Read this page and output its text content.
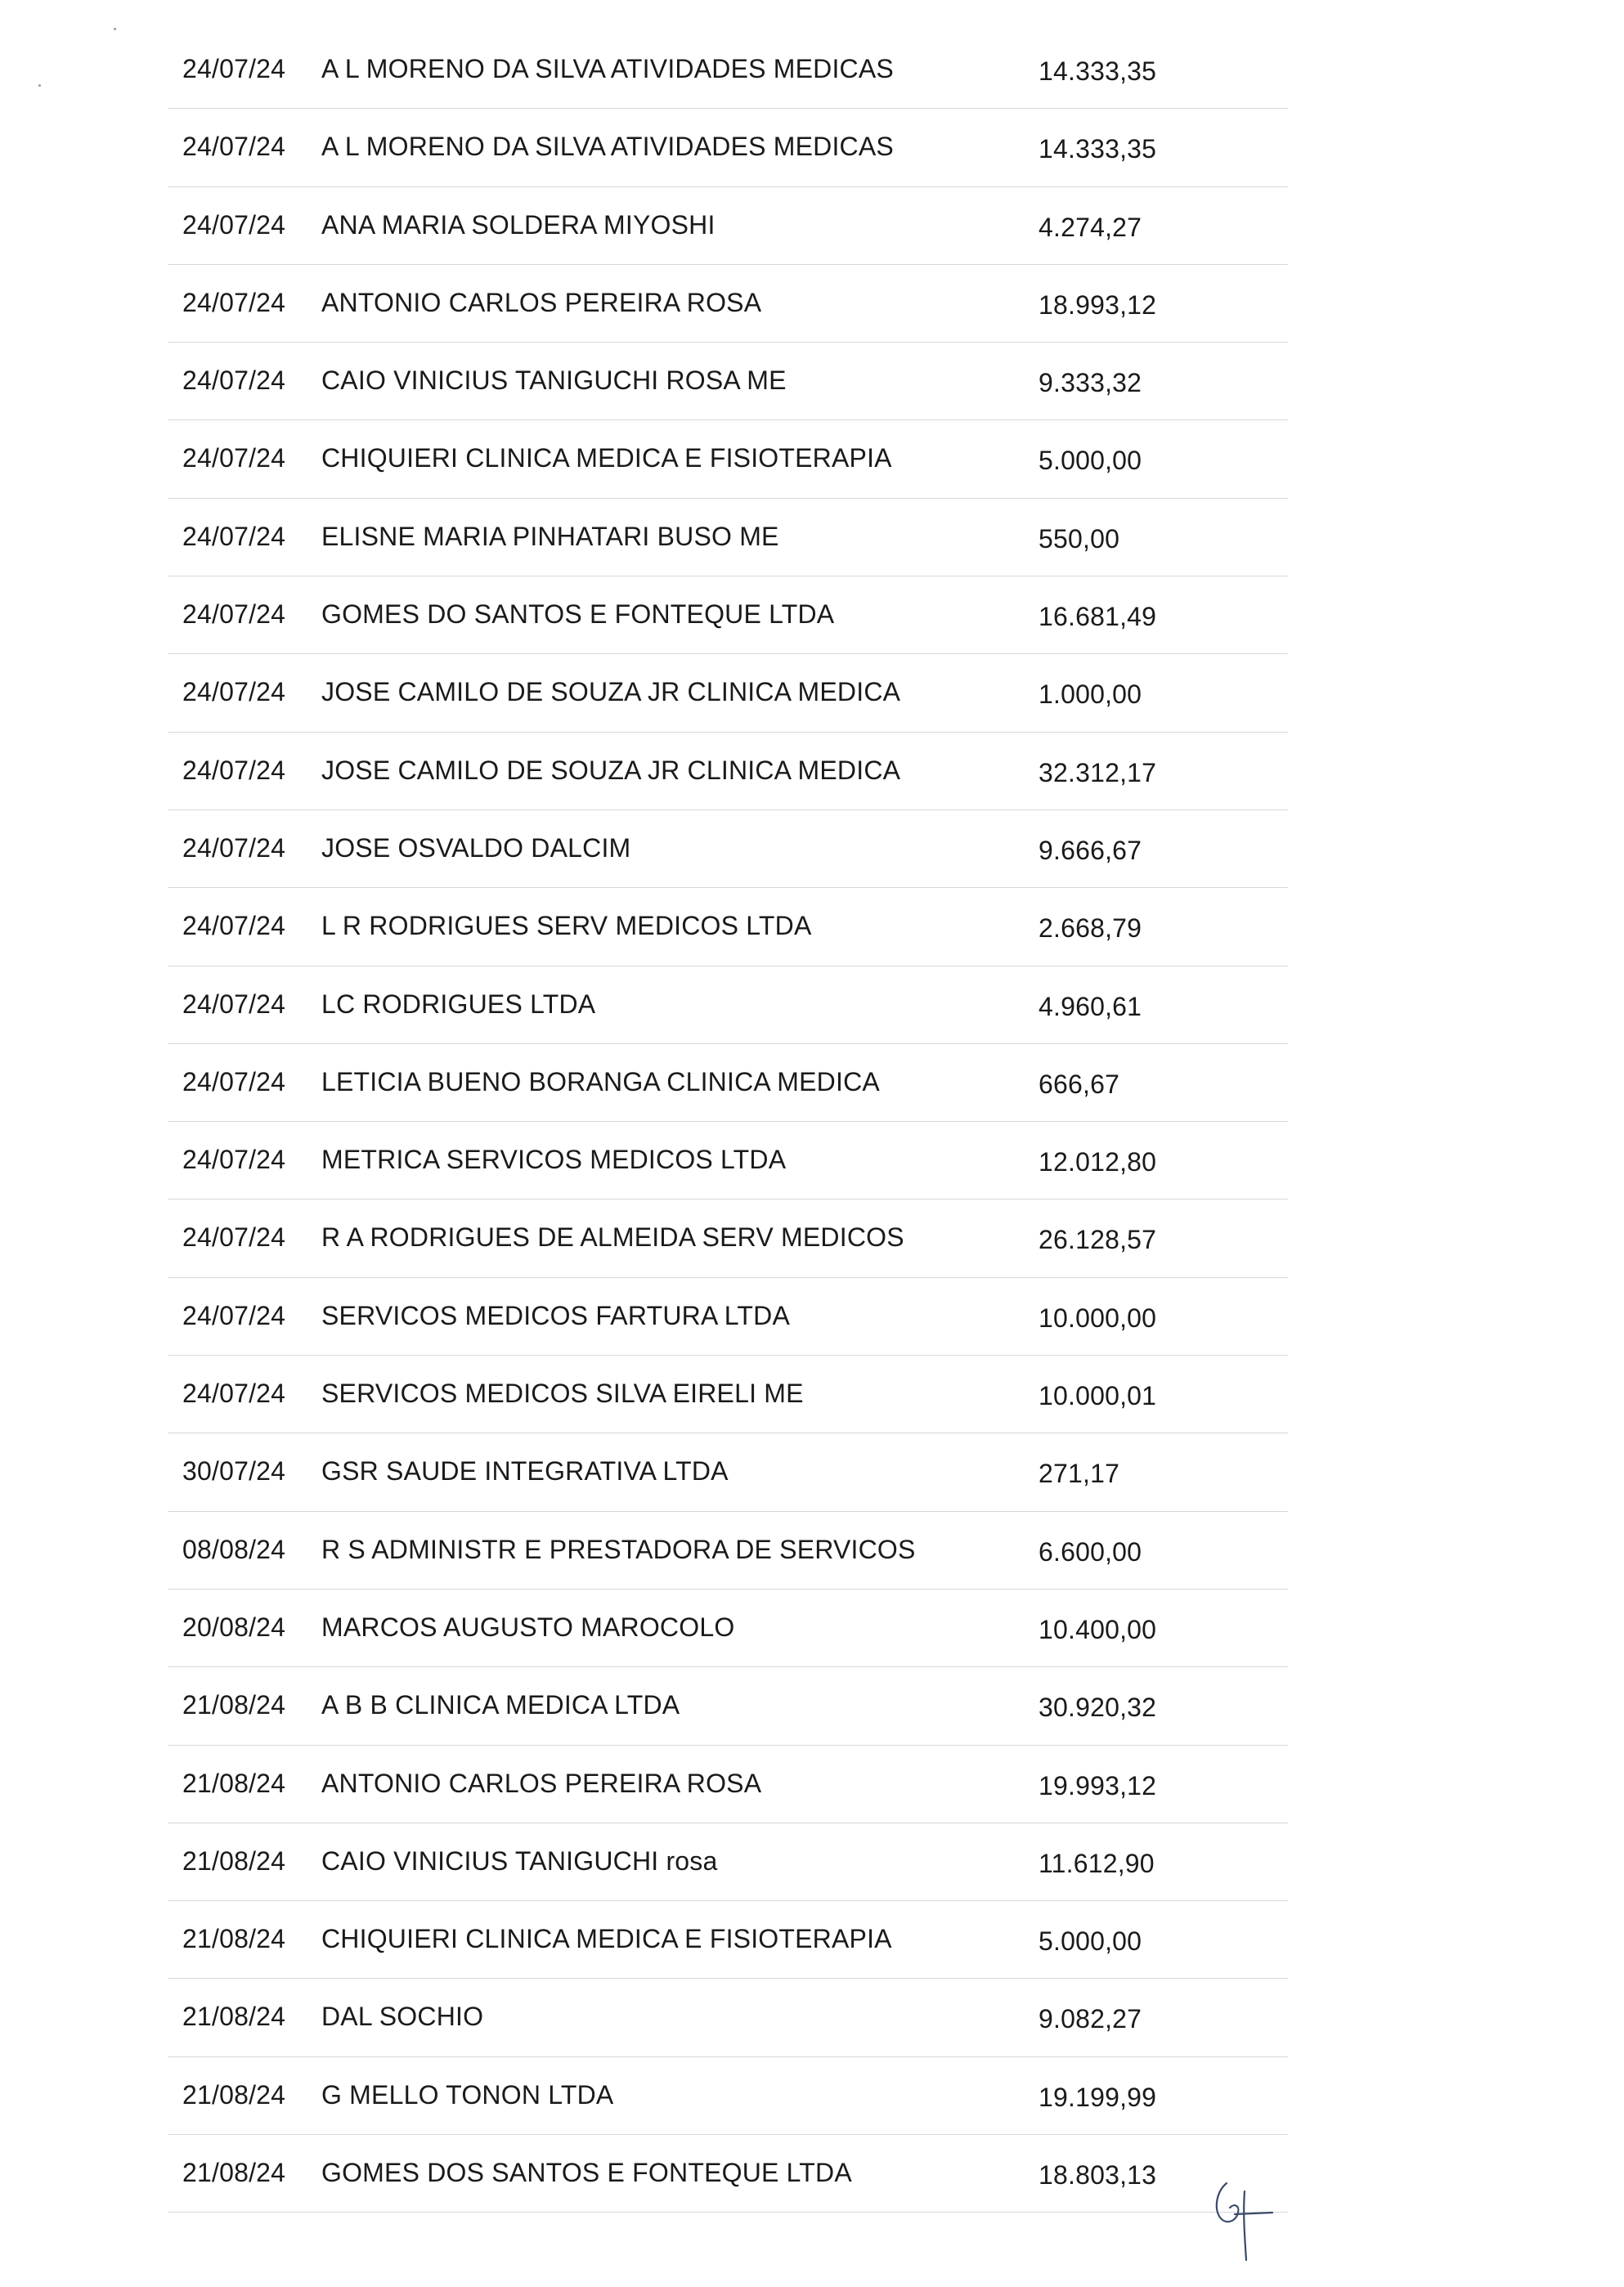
24/07/24 A L MORENO DA SILVA ATIVIDADES MEDICAS	14.333,35
24/07/24 A L MORENO DA SILVA ATIVIDADES MEDICAS	14.333,35
24/07/24 ANA MARIA SOLDERA MIYOSHI	4.274,27
24/07/24 ANTONIO CARLOS PEREIRA ROSA	18.993,12
24/07/24 CAIO VINICIUS TANIGUCHI ROSA ME	9.333,32
24/07/24 CHIQUIERI CLINICA MEDICA E FISIOTERAPIA	5.000,00
24/07/24 ELISNE MARIA PINHATARI BUSO ME	550,00
24/07/24 GOMES DO SANTOS E FONTEQUE LTDA	16.681,49
24/07/24 JOSE CAMILO DE SOUZA JR CLINICA MEDICA	1.000,00
24/07/24 JOSE CAMILO DE SOUZA JR CLINICA MEDICA	32.312,17
24/07/24 JOSE OSVALDO DALCIM	9.666,67
24/07/24 L R RODRIGUES SERV MEDICOS LTDA	2.668,79
24/07/24 LC RODRIGUES LTDA	4.960,61
24/07/24 LETICIA BUENO BORANGA CLINICA MEDICA	666,67
24/07/24 METRICA SERVICOS MEDICOS LTDA	12.012,80
24/07/24 R A RODRIGUES DE ALMEIDA SERV MEDICOS	26.128,57
24/07/24 SERVICOS MEDICOS FARTURA LTDA	10.000,00
24/07/24 SERVICOS MEDICOS SILVA EIRELI ME	10.000,01
30/07/24 GSR SAUDE INTEGRATIVA LTDA	271,17
08/08/24 R S ADMINISTR E PRESTADORA DE SERVICOS	6.600,00
20/08/24 MARCOS AUGUSTO MAROCOLO	10.400,00
21/08/24 A B B CLINICA MEDICA LTDA	30.920,32
21/08/24 ANTONIO CARLOS PEREIRA ROSA	19.993,12
21/08/24 CAIO VINICIUS TANIGUCHI rosa	11.612,90
21/08/24 CHIQUIERI CLINICA MEDICA E FISIOTERAPIA	5.000,00
21/08/24 DAL SOCHIO	9.082,27
21/08/24 G MELLO TONON LTDA	19.199,99
21/08/24 GOMES DOS SANTOS E FONTEQUE LTDA	18.803,13
